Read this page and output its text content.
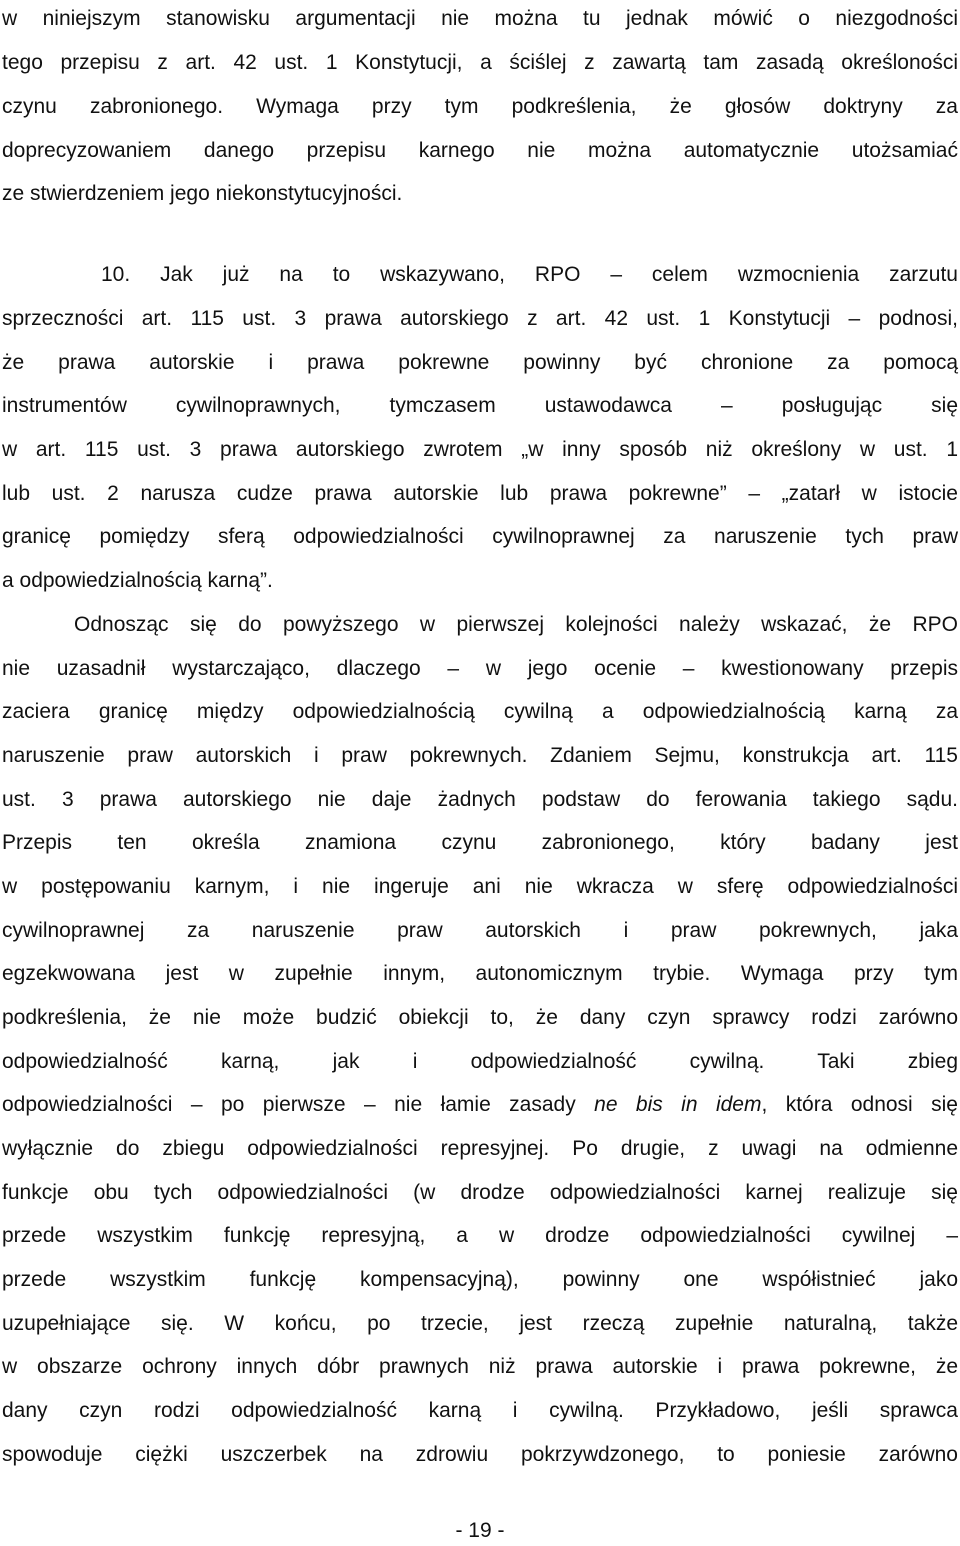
w niniejszym stanowisku argumentacji nie można tu jednak mówić o niezgodności
tego przepisu z art. 42 ust. 1 Konstytucji, a ściślej z zawartą tam zasadą określoności
czynu zabronionego. Wymaga przy tym podkreślenia, że głosów doktryny za
doprecyzowaniem danego przepisu karnego nie można automatycznie utożsamiać
ze stwierdzeniem jego niekonstytucyjności.
10. Jak już na to wskazywano, RPO – celem wzmocnienia zarzutu
sprzeczności art. 115 ust. 3 prawa autorskiego z art. 42 ust. 1 Konstytucji – podnosi,
że prawa autorskie i prawa pokrewne powinny być chronione za pomocą
instrumentów cywilnoprawnych, tymczasem ustawodawca – posługując się
w art. 115 ust. 3 prawa autorskiego zwrotem „w inny sposób niż określony w ust. 1
lub ust. 2 narusza cudze prawa autorskie lub prawa pokrewne” – „zatarł w istocie
granicę pomiędzy sferą odpowiedzialności cywilnoprawnej za naruszenie tych praw
a odpowiedzialnością karną”.
Odnosząc się do powyższego w pierwszej kolejności należy wskazać, że RPO
nie uzasadnił wystarczająco, dlaczego – w jego ocenie – kwestionowany przepis
zaciera granicę między odpowiedzialnością cywilną a odpowiedzialnością karną za
naruszenie praw autorskich i praw pokrewnych. Zdaniem Sejmu, konstrukcja art. 115
ust. 3 prawa autorskiego nie daje żadnych podstaw do ferowania takiego sądu.
Przepis ten określa znamiona czynu zabronionego, który badany jest
w postępowaniu karnym, i nie ingeruje ani nie wkracza w sferę odpowiedzialności
cywilnoprawnej za naruszenie praw autorskich i praw pokrewnych, jaka
egzekwowana jest w zupełnie innym, autonomicznym trybie. Wymaga przy tym
podkreślenia, że nie może budzić obiekcji to, że dany czyn sprawcy rodzi zarówno
odpowiedzialność karną, jak i odpowiedzialność cywilną. Taki zbieg
odpowiedzialności – po pierwsze – nie łamie zasady ne bis in idem, która odnosi się
wyłącznie do zbiegu odpowiedzialności represyjnej. Po drugie, z uwagi na odmienne
funkcje obu tych odpowiedzialności (w drodze odpowiedzialności karnej realizuje się
przede wszystkim funkcję represyjną, a w drodze odpowiedzialności cywilnej –
przede wszystkim funkcję kompensacyjną), powinny one współistnieć jako
uzupełniające się. W końcu, po trzecie, jest rzeczą zupełnie naturalną, także
w obszarze ochrony innych dóbr prawnych niż prawa autorskie i prawa pokrewne, że
dany czyn rodzi odpowiedzialność karną i cywilną. Przykładowo, jeśli sprawca
spowoduje ciężki uszczerbek na zdrowiu pokrzywdzonego, to poniesie zarówno
- 19 -
